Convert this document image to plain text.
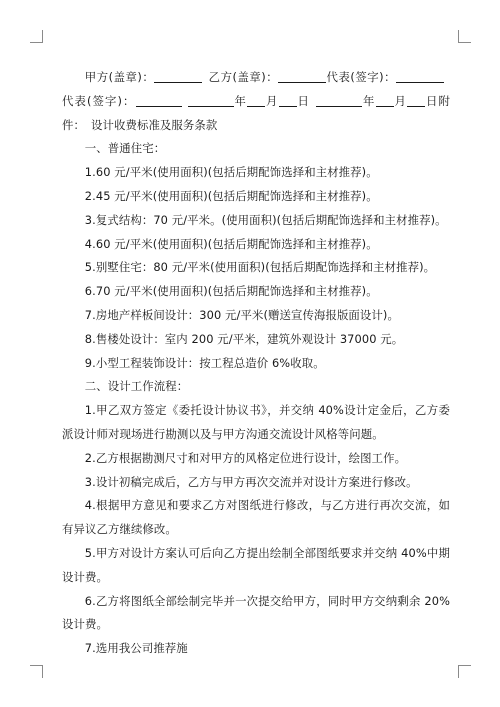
甲方(盖章)：	乙方(盖章)：	代表(签字)：代表(签字)：	年 月 日	年 月 日附件： 设计收费标准及服务条款

一、普通住宅：

1.60 元/平米(使用面积)(包括后期配饰选择和主材推荐)。

2.45 元/平米(使用面积)(包括后期配饰选择和主材推荐)。

3.复式结构：70 元/平米。(使用面积)(包括后期配饰选择和主材推荐)。

4.60 元/平米(使用面积)(包括后期配饰选择和主材推荐)。

5.别墅住宅：80 元/平米(使用面积)(包括后期配饰选择和主材推荐)。

6.70 元/平米(使用面积)(包括后期配饰选择和主材推荐)。

7.房地产样板间设计：300 元/平米(赠送宣传海报版面设计)。

8.售楼处设计：室内 200 元/平米，建筑外观设计 37000 元。

9.小型工程装饰设计：按工程总造价 6%收取。

二、设计工作流程：

1.甲乙双方签定《委托设计协议书》，并交纳 40%设计定金后，乙方委派设计师对现场进行勘测以及与甲方沟通交流设计风格等问题。

2.乙方根据勘测尺寸和对甲方的风格定位进行设计，绘图工作。

3.设计初稿完成后，乙方与甲方再次交流并对设计方案进行修改。

4.根据甲方意见和要求乙方对图纸进行修改，与乙方进行再次交流，如有异议乙方继续修改。

5.甲方对设计方案认可后向乙方提出绘制全部图纸要求并交纳 40%中期设计费。

6.乙方将图纸全部绘制完毕并一次提交给甲方，同时甲方交纳剩余 20%设计费。

7.选用我公司推荐施
